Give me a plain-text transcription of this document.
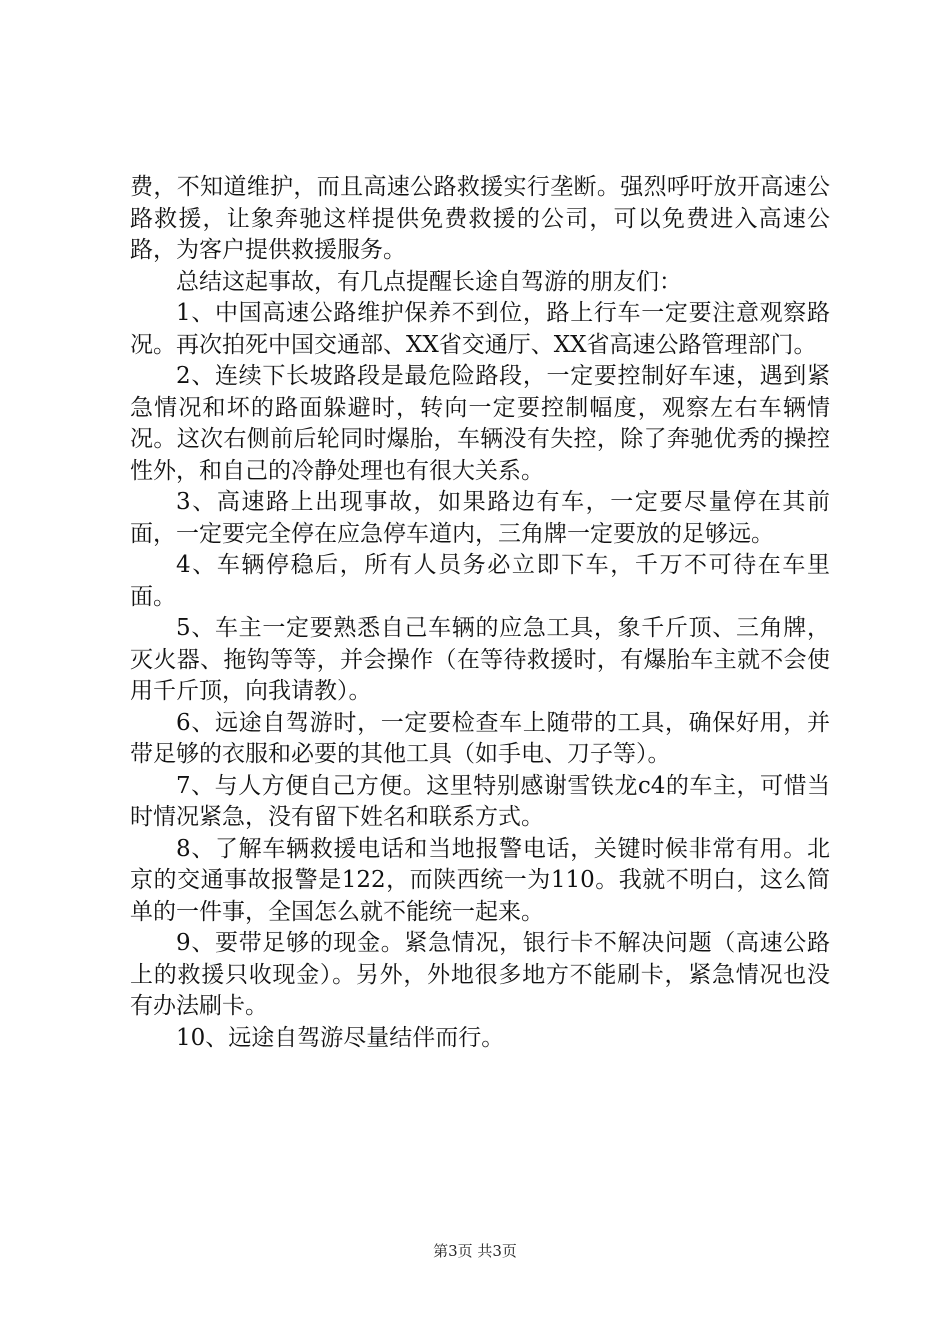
费，不知道维护，而且高速公路救援实行垄断。强烈呼吁放开高速公路救援，让象奔驰这样提供免费救援的公司，可以免费进入高速公路，为客户提供救援服务。

总结这起事故，有几点提醒长途自驾游的朋友们：

1、中国高速公路维护保养不到位，路上行车一定要注意观察路况。再次拍死中国交通部、XX省交通厅、XX省高速公路管理部门。

2、连续下长坡路段是最危险路段，一定要控制好车速，遇到紧急情况和坏的路面躲避时，转向一定要控制幅度，观察左右车辆情况。这次右侧前后轮同时爆胎，车辆没有失控，除了奔驰优秀的操控性外，和自己的冷静处理也有很大关系。

3、高速路上出现事故，如果路边有车，一定要尽量停在其前面，一定要完全停在应急停车道内，三角牌一定要放的足够远。

4、车辆停稳后，所有人员务必立即下车，千万不可待在车里面。

5、车主一定要熟悉自己车辆的应急工具，象千斤顶、三角牌，灭火器、拖钩等等，并会操作（在等待救援时，有爆胎车主就不会使用千斤顶，向我请教）。

6、远途自驾游时，一定要检查车上随带的工具，确保好用，并带足够的衣服和必要的其他工具（如手电、刀子等）。

7、与人方便自己方便。这里特别感谢雪铁龙c4的车主，可惜当时情况紧急，没有留下姓名和联系方式。

8、了解车辆救援电话和当地报警电话，关键时候非常有用。北京的交通事故报警是122，而陕西统一为110。我就不明白，这么简单的一件事，全国怎么就不能统一起来。

9、要带足够的现金。紧急情况，银行卡不解决问题（高速公路上的救援只收现金）。另外，外地很多地方不能刷卡，紧急情况也没有办法刷卡。

10、远途自驾游尽量结伴而行。

第3页 共3页
